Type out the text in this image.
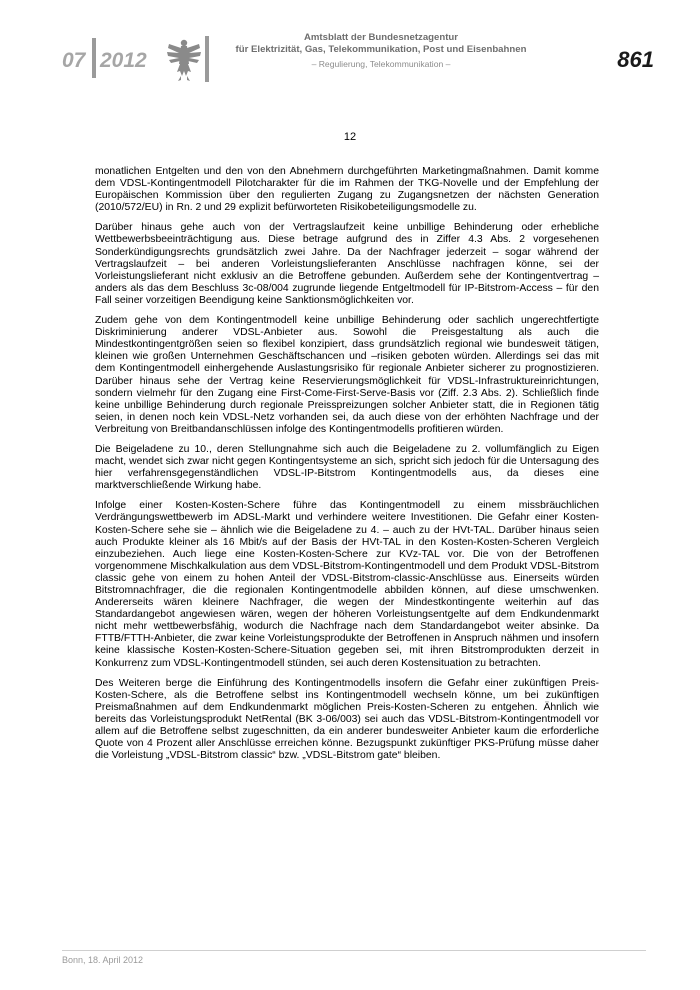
07 2012
Amtsblatt der Bundesnetzagentur
für Elektrizität, Gas, Telekommunikation, Post und Eisenbahnen
– Regulierung, Telekommunikation –	861
12

monatlichen Entgelten und den von den Abnehmern durchgeführten Marketingmaßnahmen. Damit komme dem VDSL-Kontingentmodell Pilotcharakter für die im Rahmen der TKG-Novelle und der Empfehlung der Europäischen Kommission über den regulierten Zugang zu Zugangsnetzen der nächsten Generation (2010/572/EU) in Rn. 2 und 29 explizit befürworteten Risikobeteiligungsmodelle zu.

Darüber hinaus gehe auch von der Vertragslaufzeit keine unbillige Behinderung oder erhebliche Wettbewerbsbeeinträchtigung aus. Diese betrage aufgrund des in Ziffer 4.3 Abs. 2 vorgesehenen Sonderkündigungsrechts grundsätzlich zwei Jahre. Da der Nachfrager jederzeit – sogar während der Vertragslaufzeit – bei anderen Vorleistungslieferanten Anschlüsse nachfragen könne, sei der Vorleistungslieferant nicht exklusiv an die Betroffene gebunden. Außerdem sehe der Kontingentvertrag – anders als das dem Beschluss 3c-08/004 zugrunde liegende Entgeltmodell für IP-Bitstrom-Access – für den Fall seiner vorzeitigen Beendigung keine Sanktionsmöglichkeiten vor.

Zudem gehe von dem Kontingentmodell keine unbillige Behinderung oder sachlich ungerechtfertigte Diskriminierung anderer VDSL-Anbieter aus. Sowohl die Preisgestaltung als auch die Mindestkontingentgrößen seien so flexibel konzipiert, dass grundsätzlich regional wie bundesweit tätigen, kleinen wie großen Unternehmen Geschäftschancen und –risiken geboten würden. Allerdings sei das mit dem Kontingentmodell einhergehende Auslastungsrisiko für regionale Anbieter sicherer zu prognostizieren. Darüber hinaus sehe der Vertrag keine Reservierungsmöglichkeit für VDSL-Infrastruktureinrichtungen, sondern vielmehr für den Zugang eine First-Come-First-Serve-Basis vor (Ziff. 2.3 Abs. 2). Schließlich finde keine unbillige Behinderung durch regionale Preisspreizungen solcher Anbieter statt, die in Regionen tätig seien, in denen noch kein VDSL-Netz vorhanden sei, da auch diese von der erhöhten Nachfrage und der Verbreitung von Breitbandanschlüssen infolge des Kontingentmodells profitieren würden.

Die Beigeladene zu 10., deren Stellungnahme sich auch die Beigeladene zu 2. vollumfänglich zu Eigen macht, wendet sich zwar nicht gegen Kontingentsysteme an sich, spricht sich jedoch für die Untersagung des hier verfahrensgegenständlichen VDSL-IP-Bitstrom Kontingentmodells aus, da dieses eine marktverschließende Wirkung habe.

Infolge einer Kosten-Kosten-Schere führe das Kontingentmodell zu einem missbräuchlichen Verdrängungswettbewerb im ADSL-Markt und verhindere weitere Investitionen. Die Gefahr einer Kosten-Kosten-Schere sehe sie – ähnlich wie die Beigeladene zu 4. – auch zu der HVt-TAL. Darüber hinaus seien auch Produkte kleiner als 16 Mbit/s auf der Basis der HVt-TAL in den Kosten-Kosten-Scheren Vergleich einzubeziehen. Auch liege eine Kosten-Kosten-Schere zur KVz-TAL vor. Die von der Betroffenen vorgenommene Mischkalkulation aus dem VDSL-Bitstrom-Kontingentmodell und dem Produkt VDSL-Bitstrom classic gehe von einem zu hohen Anteil der VDSL-Bitstrom-classic-Anschlüsse aus. Einerseits würden Bitstromnachfrager, die die regionalen Kontingentmodelle abbilden können, auf diese umschwenken. Andererseits wären kleinere Nachfrager, die wegen der Mindestkontingente weiterhin auf das Standardangebot angewiesen wären, wegen der höheren Vorleistungsentgelte auf dem Endkundenmarkt nicht mehr wettbewerbsfähig, wodurch die Nachfrage nach dem Standardangebot weiter absinke. Da FTTB/FTTH-Anbieter, die zwar keine Vorleistungsprodukte der Betroffenen in Anspruch nähmen und insofern keine klassische Kosten-Kosten-Schere-Situation gegeben sei, mit ihren Bitstromprodukten derzeit in Konkurrenz zum VDSL-Kontingentmodell stünden, sei auch deren Kostensituation zu betrachten.

Des Weiteren berge die Einführung des Kontingentmodells insofern die Gefahr einer zukünftigen Preis-Kosten-Schere, als die Betroffene selbst ins Kontingentmodell wechseln könne, um bei zukünftigen Preismaßnahmen auf dem Endkundenmarkt möglichen Preis-Kosten-Scheren zu entgehen. Ähnlich wie bereits das Vorleistungsprodukt NetRental (BK 3-06/003) sei auch das VDSL-Bitstrom-Kontingentmodell vor allem auf die Betroffene selbst zugeschnitten, da ein anderer bundesweiter Anbieter kaum die erforderliche Quote von 4 Prozent aller Anschlüsse erreichen könne. Bezugspunkt zukünftiger PKS-Prüfung müsse daher die Vorleistung „VDSL-Bitstrom classic“ bzw. „VDSL-Bitstrom gate“ bleiben.

Bonn, 18. April 2012
